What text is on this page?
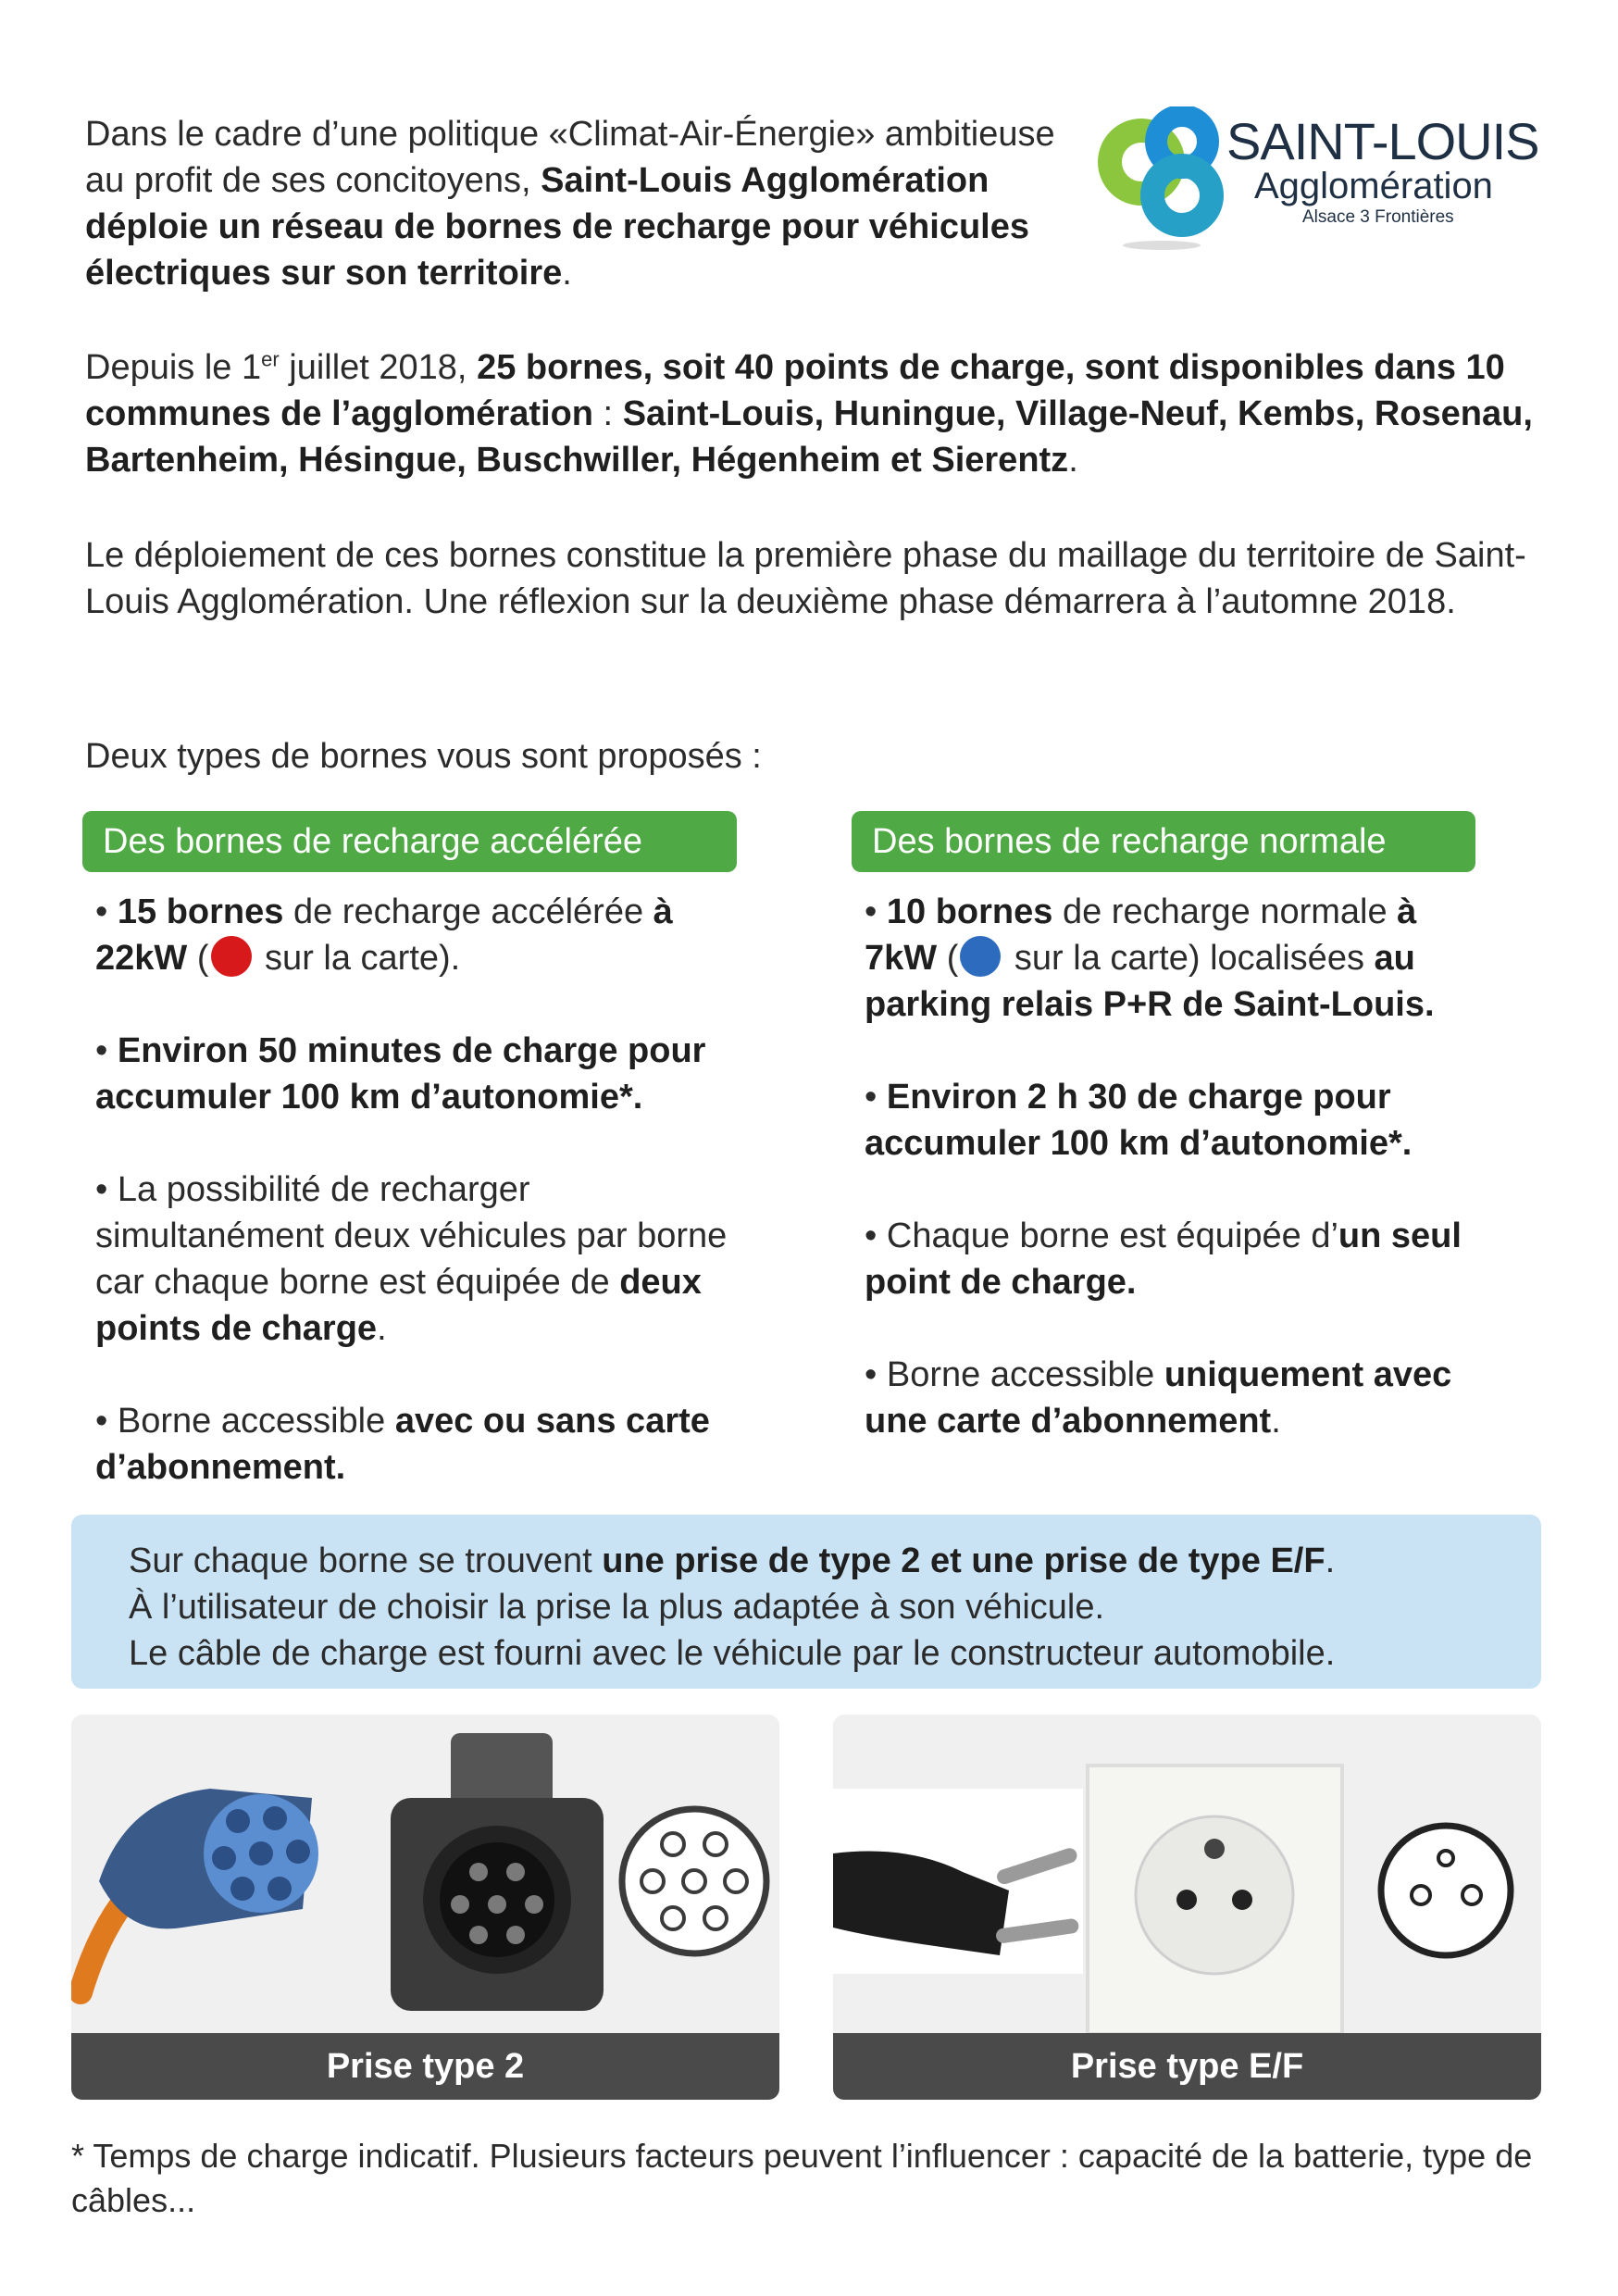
SAINT-LOUIS
Agglomération
Alsace 3 Frontières

Dans le cadre d’une politique «Climat-Air-Énergie» ambitieuse au profit de ses concitoyens, Saint-Louis Agglomération déploie un réseau de bornes de recharge pour véhicules électriques sur son territoire.

Depuis le 1er juillet 2018, 25 bornes, soit 40 points de charge, sont disponibles dans 10 communes de l’agglomération : Saint-Louis, Huningue, Village-Neuf, Kembs, Rosenau, Bartenheim, Hésingue, Buschwiller, Hégenheim et Sierentz.

Le déploiement de ces bornes constitue la première phase du maillage du territoire de Saint-Louis Agglomération. Une réflexion sur la deuxième phase démarrera à l’automne 2018.

Deux types de bornes vous sont proposés :

Des bornes de recharge accélérée	Des bornes de recharge normale

• 15 bornes de recharge accélérée à 22kW ( sur la carte).

• Environ 50 minutes de charge pour accumuler 100 km d’autonomie*.

• La possibilité de recharger simultanément deux véhicules par borne car chaque borne est équipée de deux points de charge.

• Borne accessible avec ou sans carte d’abonnement.

• 10 bornes de recharge normale à 7kW ( sur la carte) localisées au parking relais P+R de Saint-Louis.

• Environ 2 h 30 de charge pour accumuler 100 km d’autonomie*.

• Chaque borne est équipée d’un seul point de charge.

• Borne accessible uniquement avec une carte d’abonnement.

Sur chaque borne se trouvent une prise de type 2 et une prise de type E/F.

À l’utilisateur de choisir la prise la plus adaptée à son véhicule.

Le câble de charge est fourni avec le véhicule par le constructeur automobile.

Prise type 2	Prise type E/F

* Temps de charge indicatif. Plusieurs facteurs peuvent l’influencer : capacité de la batterie, type de câbles...
